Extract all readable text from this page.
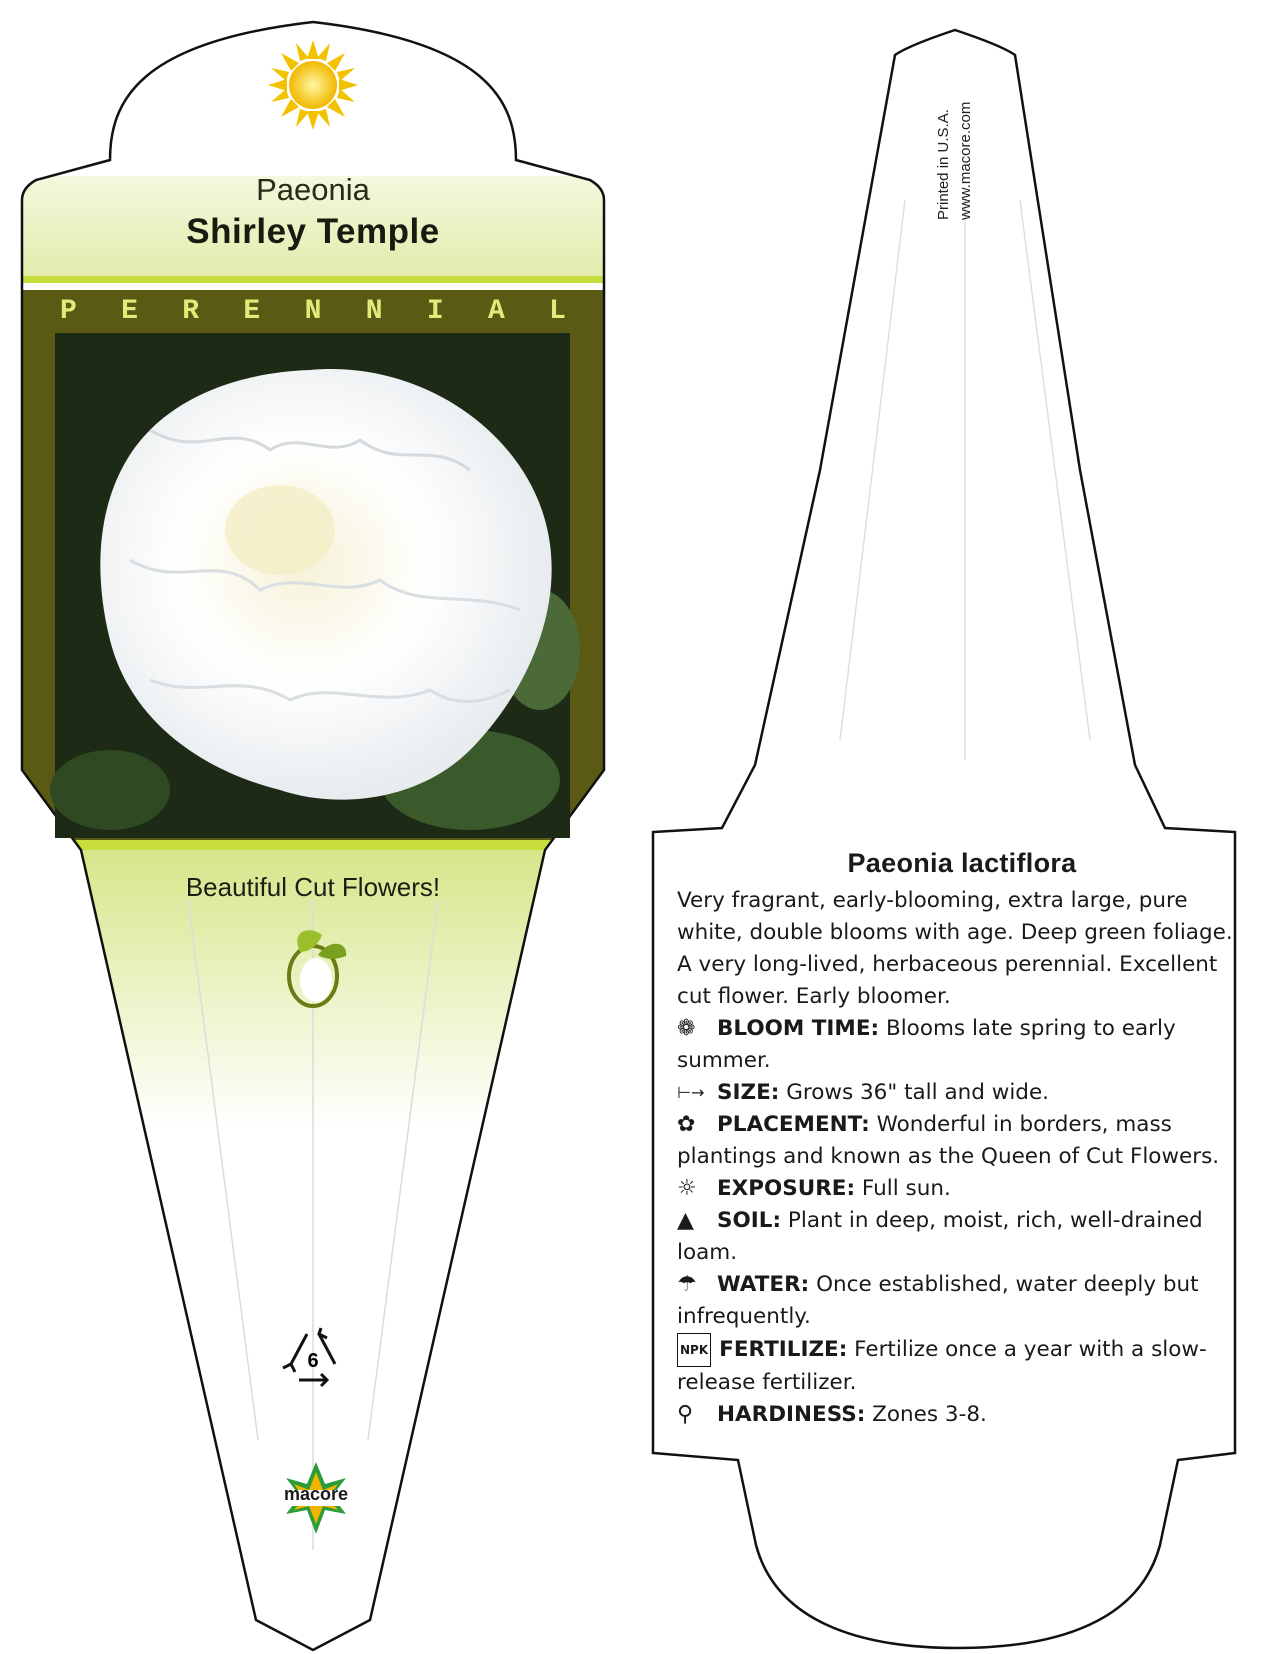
Paeonia
Shirley Temple
P E R E N N I A L
Beautiful Cut Flowers!
6
macore
Printed in U.S.A. www.macore.com
Paeonia lactiflora

Very fragrant, early-blooming, extra large, pure white, double blooms with age. Deep green foliage. A very long-lived, herbaceous perennial. Excellent cut flower. Early bloomer.

❁ BLOOM TIME: Blooms late spring to early summer.
⊢→ SIZE: Grows 36" tall and wide.
✿ PLACEMENT: Wonderful in borders, mass plantings and known as the Queen of Cut Flowers.
☼ EXPOSURE: Full sun.
▲ SOIL: Plant in deep, moist, rich, well-drained loam.
☂ WATER: Once established, water deeply but infrequently.
NPK FERTILIZE: Fertilize once a year with a slow-release fertilizer.
⚲ HARDINESS: Zones 3-8.
